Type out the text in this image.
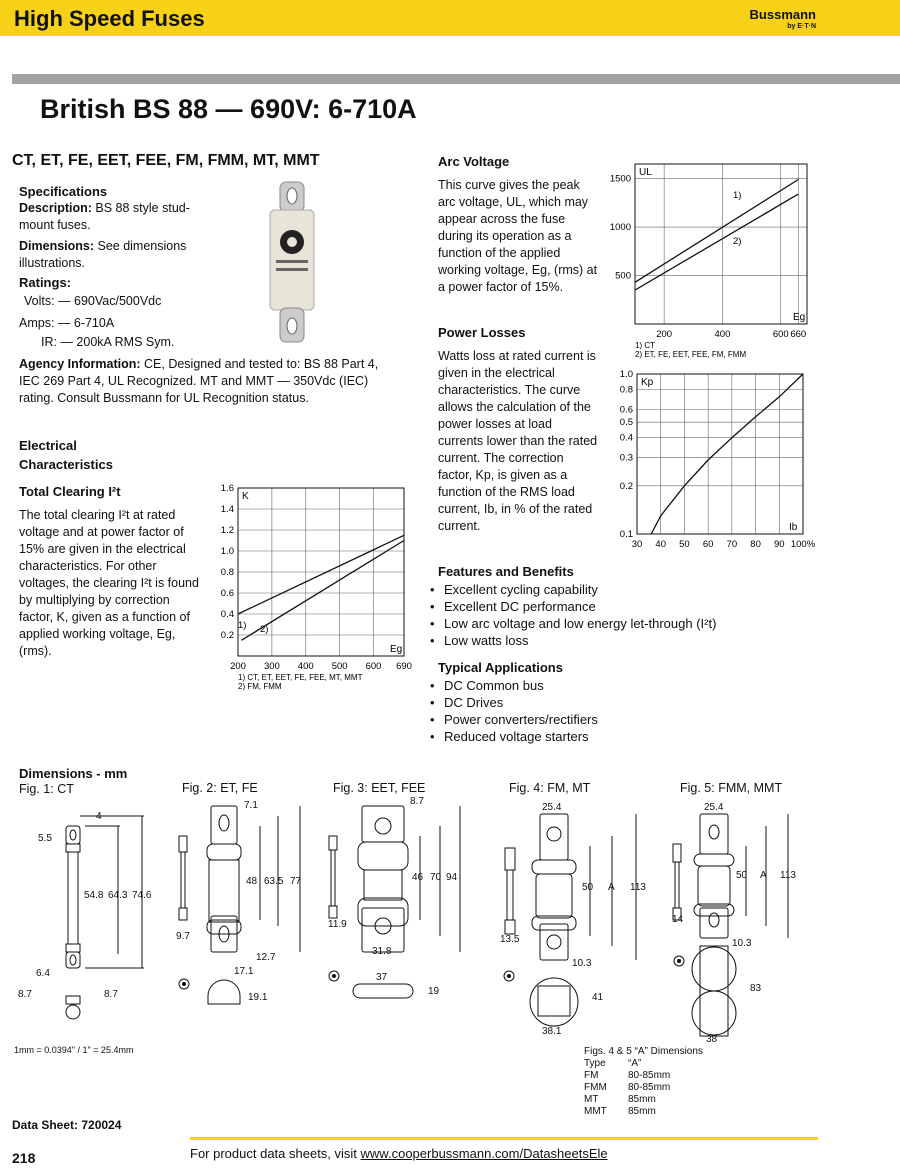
High Speed Fuses	Bussmann
by E·T·N
British BS 88 — 690V: 6-710A
CT, ET, FE, EET, FEE, FM, FMM, MT, MMT
Specifications
Description: BS 88 style stud-mount fuses.
Dimensions: See dimensions illustrations.
Ratings:
Volts: — 690Vac/500Vdc
Amps: — 6-710A
IR: — 200kA RMS Sym.
Agency Information: CE, Designed and tested to: BS 88 Part 4, IEC 269 Part 4, UL Recognized. MT and MMT — 350Vdc (IEC) rating. Consult Bussmann for UL Recognition status.
Electrical Characteristics
Total Clearing I²t
The total clearing I²t at rated voltage and at power factor of 15% are given in the electrical characteristics. For other voltages, the clearing I²t is found by multiplying by correction factor, K, given as a function of applied working voltage, Eg, (rms).
200 300 400 500 600 690
0.2
0.4
0.6
0.8
1.0
1.2
1.4
1.6
K
Eg
1) 2)
1) CT, ET, EET, FE, FEE, MT, MMT
2) FM, FMM
Arc Voltage
This curve gives the peak arc voltage, UL, which may appear across the fuse during its operation as a function of the applied working voltage, Eg, (rms) at a power factor of 15%.
200	400	600 660
500
1000
1500
UL
Eg
1)
2)
1) CT
2) ET, FE, EET, FEE, FM, FMM
Power Losses
Watts loss at rated current is given in the electrical characteristics. The curve allows the calculation of the power losses at load currents lower than the rated current. The correction factor, Kp, is given as a function of the RMS load current, Ib, in % of the rated current.
30 40 50 60 70 80 90 100%
0.1
0.2
0.3
0.4
0.5
0.6
0.8
1.0
Kp
Ib
Features and Benefits
• Excellent cycling capability
• Excellent DC performance
• Low arc voltage and low energy let-through (I²t)
• Low watts loss
Typical Applications
• DC Common bus
• DC Drives
• Power converters/rectifiers
• Reduced voltage starters
Dimensions - mm
Fig. 1: CT	Fig. 2: ET, FE	Fig. 3: EET, FEE	Fig. 4: FM, MT	Fig. 5: FMM, MMT
4
5.5
54.8 64.3 74.6
6.4
8.7	8.7
7.1
48 63.5 77
9.7
12.7
17.1
19.1
8.7
46 70 94
11.9
31.8
37
19
25.4
50 A 113
13.5
10.3
41
38.1
25.4
50 A 113
14
10.3
83
38
1mm = 0.0394" / 1" = 25.4mm	Figs. 4 & 5 “A” Dimensions
Type	“A”
FM	80-85mm
FMM	80-85mm
MT	85mm
MMT	85mm
Data Sheet: 720024
218	For product data sheets, visit www.cooperbussmann.com/DatasheetsEle
